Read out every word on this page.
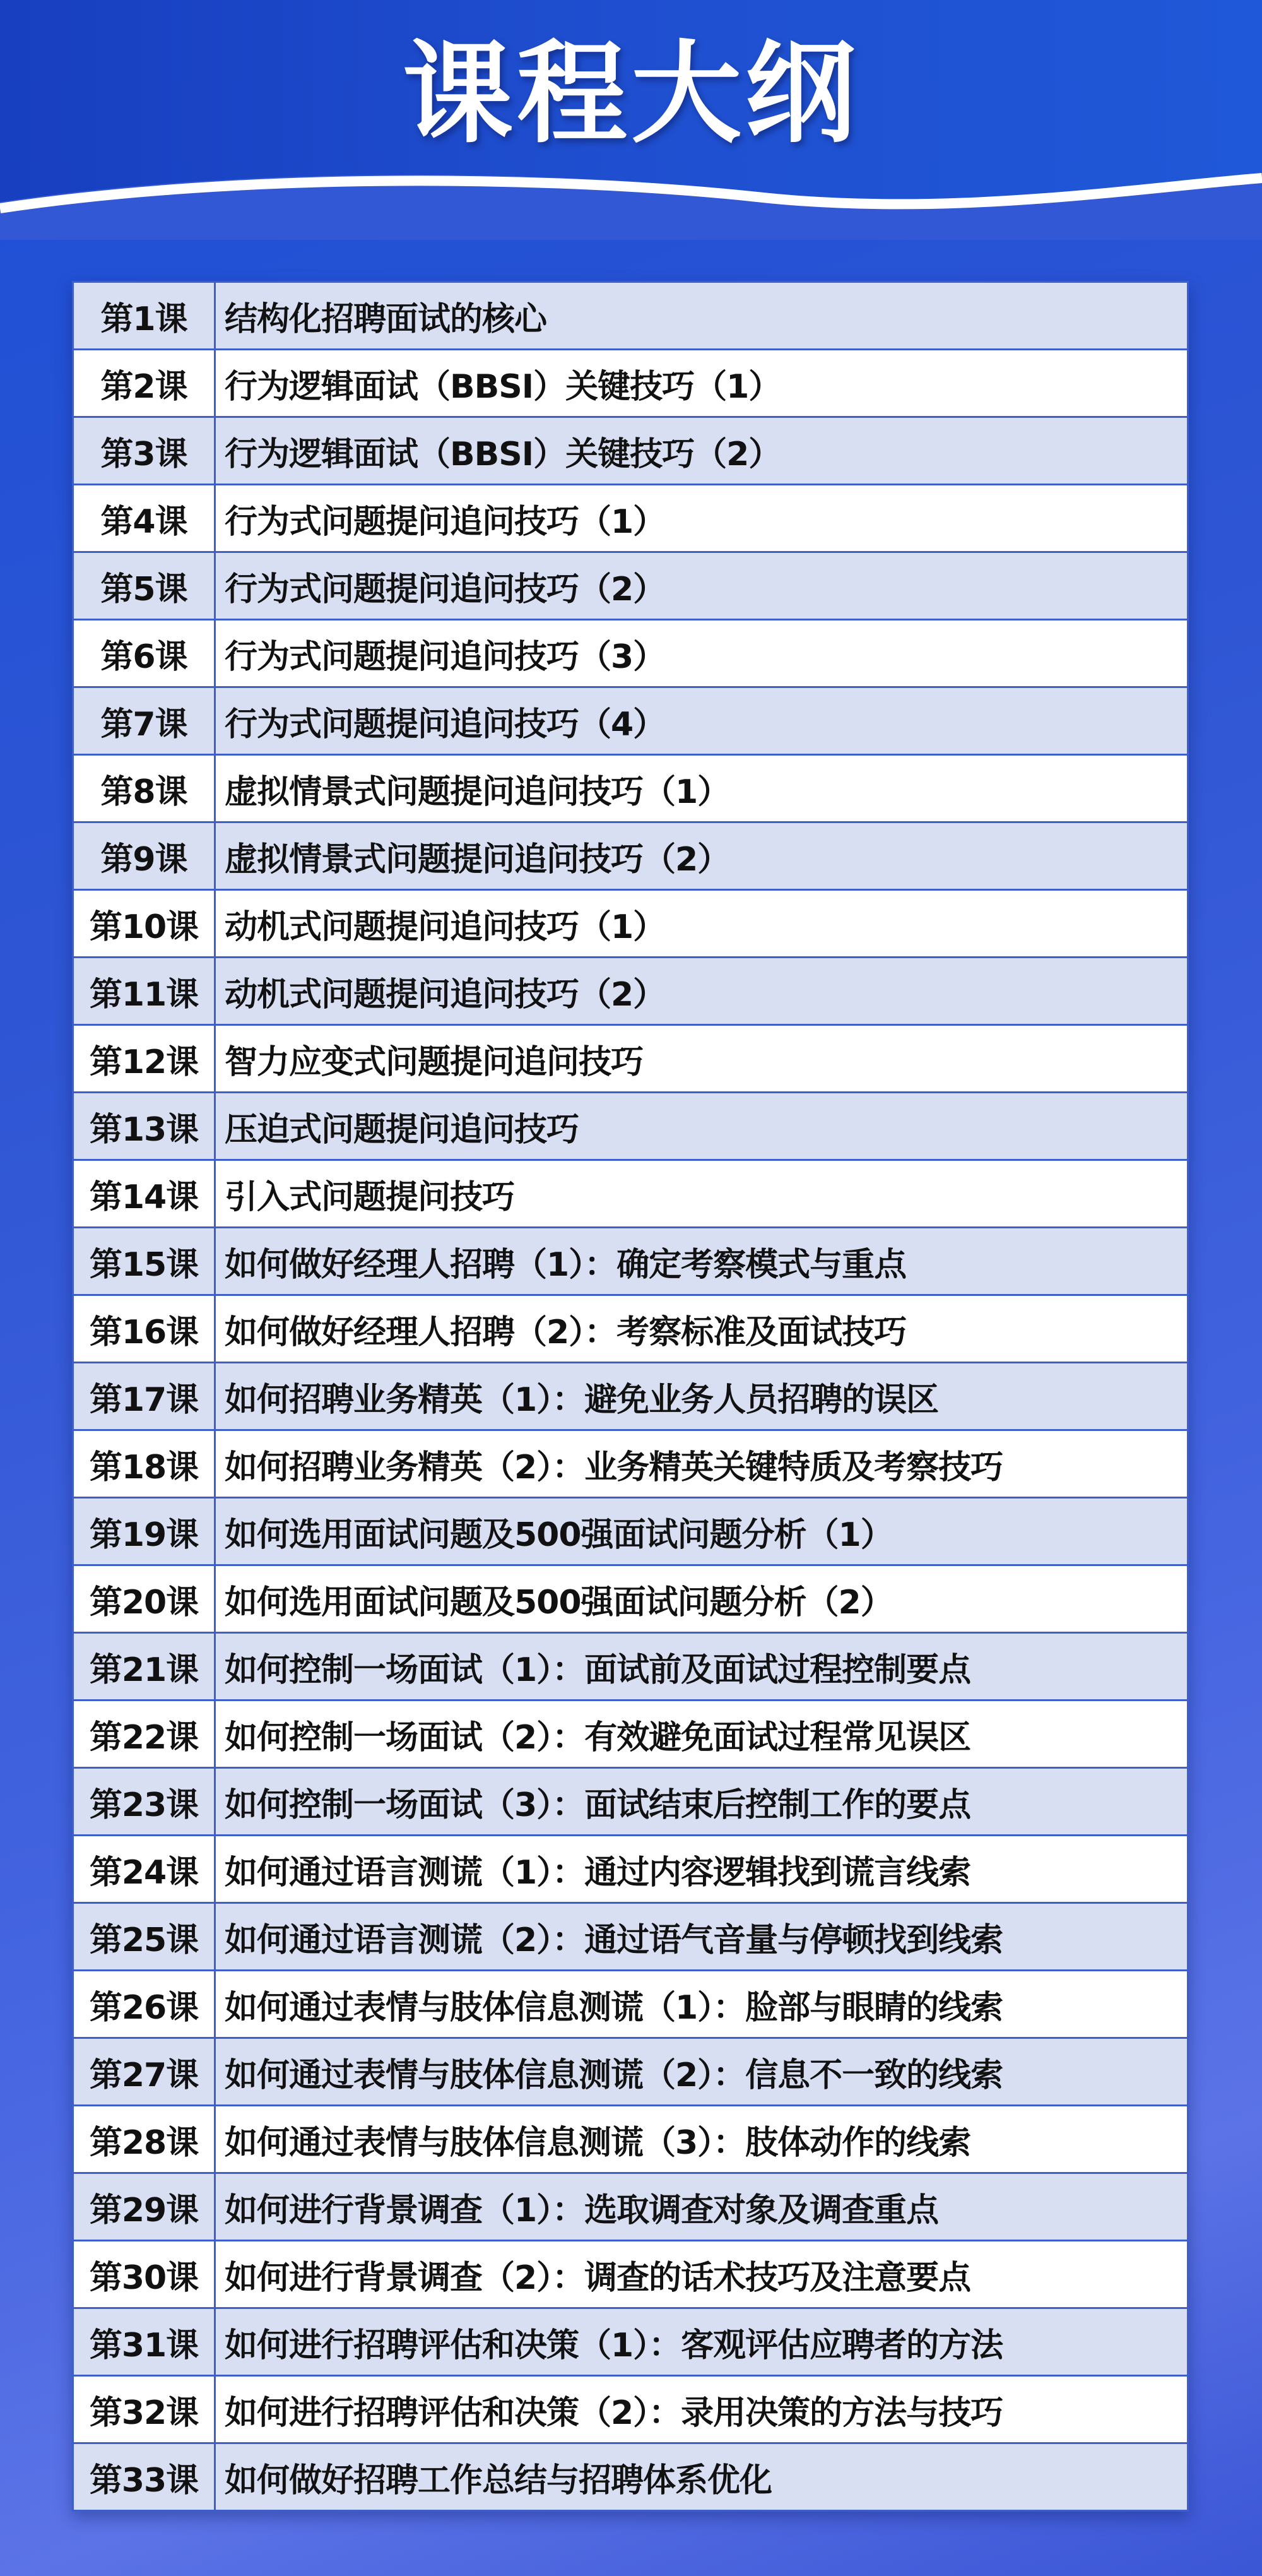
课程大纲
第1课	结构化招聘面试的核心
第2课	行为逻辑面试（BBSI）关键技巧（1）
第3课	行为逻辑面试（BBSI）关键技巧（2）
第4课	行为式问题提问追问技巧（1）
第5课	行为式问题提问追问技巧（2）
第6课	行为式问题提问追问技巧（3）
第7课	行为式问题提问追问技巧（4）
第8课	虚拟情景式问题提问追问技巧（1）
第9课	虚拟情景式问题提问追问技巧（2）
第10课	动机式问题提问追问技巧（1）
第11课	动机式问题提问追问技巧（2）
第12课	智力应变式问题提问追问技巧
第13课	压迫式问题提问追问技巧
第14课	引入式问题提问技巧
第15课	如何做好经理人招聘（1）：确定考察模式与重点
第16课	如何做好经理人招聘（2）：考察标准及面试技巧
第17课	如何招聘业务精英（1）：避免业务人员招聘的误区
第18课	如何招聘业务精英（2）：业务精英关键特质及考察技巧
第19课	如何选用面试问题及500强面试问题分析（1）
第20课	如何选用面试问题及500强面试问题分析（2）
第21课	如何控制一场面试（1）：面试前及面试过程控制要点
第22课	如何控制一场面试（2）：有效避免面试过程常见误区
第23课	如何控制一场面试（3）：面试结束后控制工作的要点
第24课	如何通过语言测谎（1）：通过内容逻辑找到谎言线索
第25课	如何通过语言测谎（2）：通过语气音量与停顿找到线索
第26课	如何通过表情与肢体信息测谎（1）：脸部与眼睛的线索
第27课	如何通过表情与肢体信息测谎（2）：信息不一致的线索
第28课	如何通过表情与肢体信息测谎（3）：肢体动作的线索
第29课	如何进行背景调查（1）：选取调查对象及调查重点
第30课	如何进行背景调查（2）：调查的话术技巧及注意要点
第31课	如何进行招聘评估和决策（1）：客观评估应聘者的方法
第32课	如何进行招聘评估和决策（2）：录用决策的方法与技巧
第33课	如何做好招聘工作总结与招聘体系优化
